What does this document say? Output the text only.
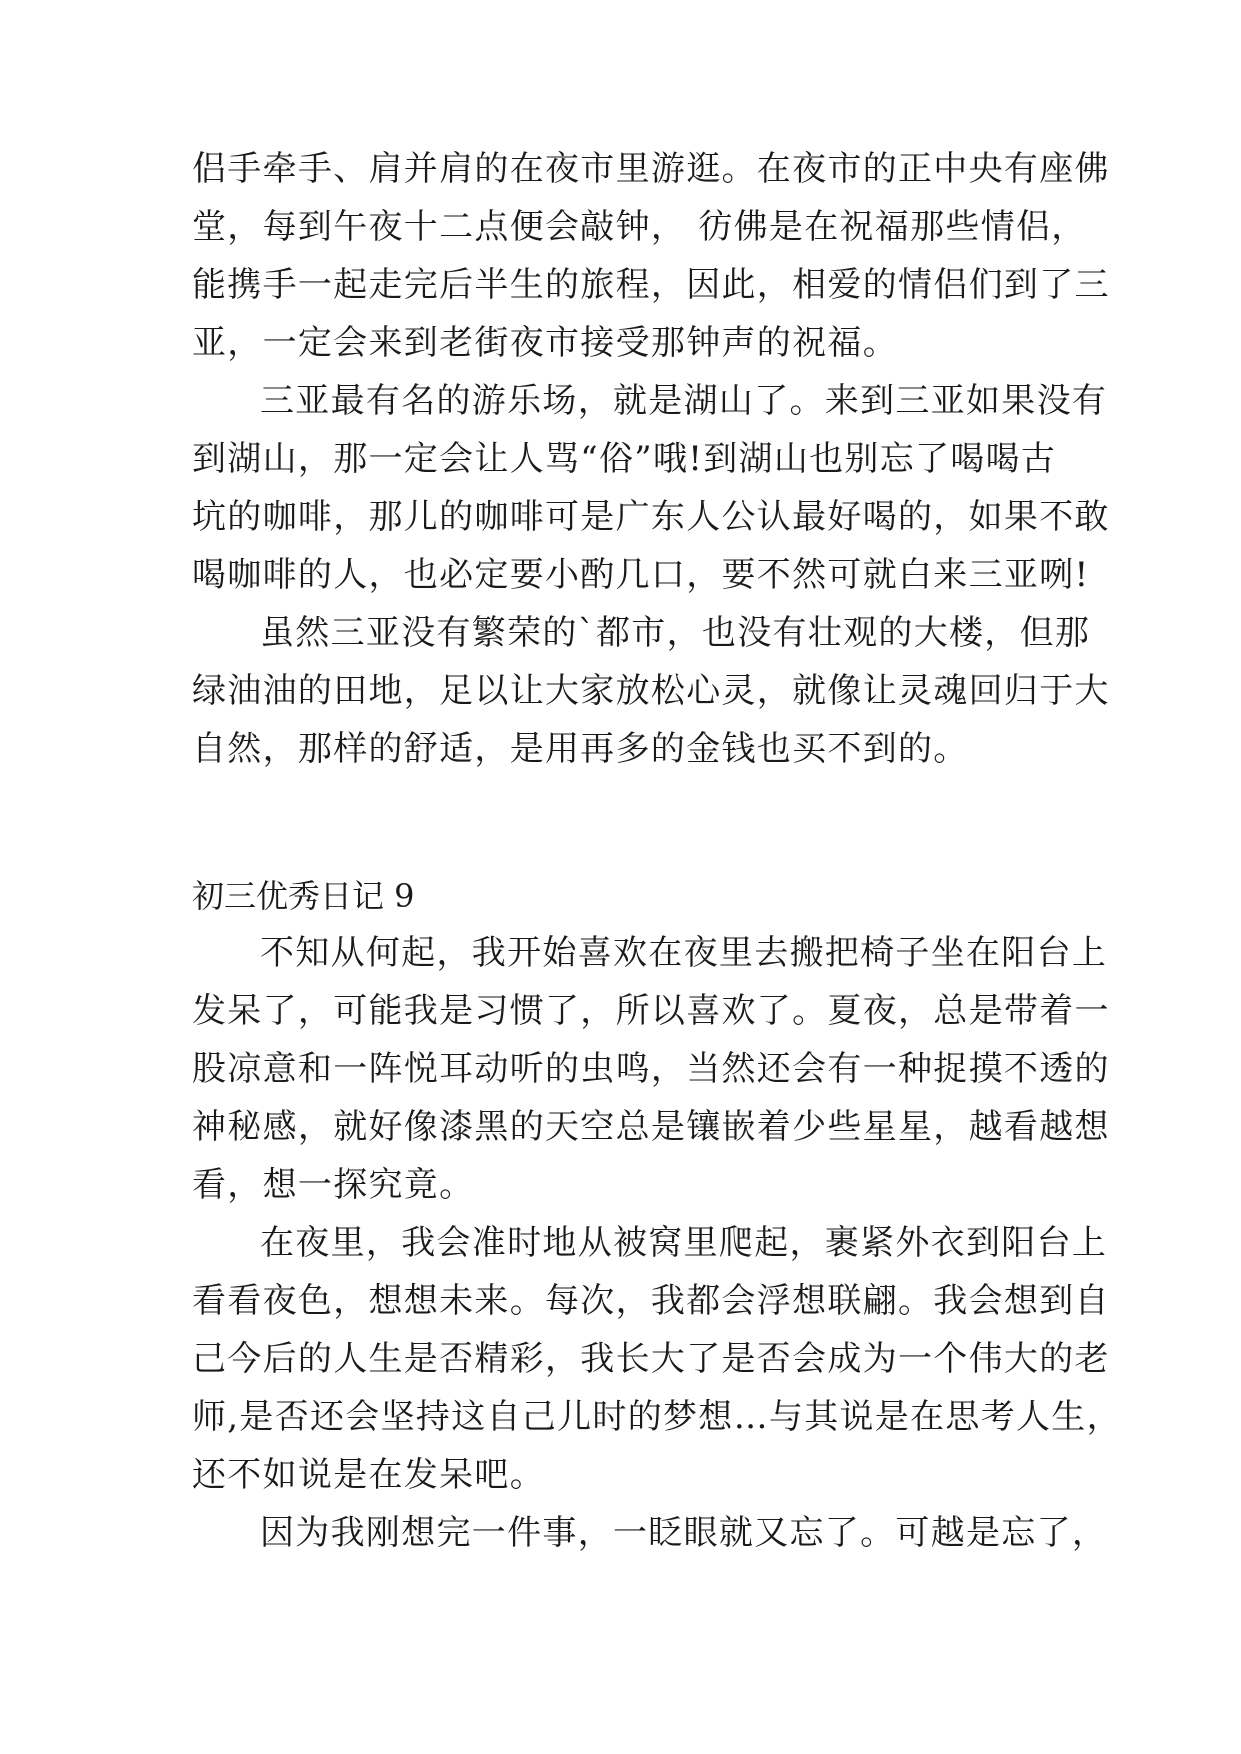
侣手牵手、肩并肩的在夜市里游逛。在夜市的正中央有座佛
堂，每到午夜十二点便会敲钟， 彷佛是在祝福那些情侣，
能携手一起走完后半生的旅程，因此，相爱的情侣们到了三
亚，一定会来到老街夜市接受那钟声的祝福。
三亚最有名的游乐场，就是湖山了。来到三亚如果没有
到湖山，那一定会让人骂“俗”哦!到湖山也别忘了喝喝古
坑的咖啡，那儿的咖啡可是广东人公认最好喝的，如果不敢
喝咖啡的人，也必定要小酌几口，要不然可就白来三亚咧!
虽然三亚没有繁荣的`都市，也没有壮观的大楼，但那
绿油油的田地，足以让大家放松心灵，就像让灵魂回归于大
自然，那样的舒适，是用再多的金钱也买不到的。
初三优秀日记 9
不知从何起，我开始喜欢在夜里去搬把椅子坐在阳台上
发呆了，可能我是习惯了，所以喜欢了。夏夜，总是带着一
股凉意和一阵悦耳动听的虫鸣，当然还会有一种捉摸不透的
神秘感，就好像漆黑的天空总是镶嵌着少些星星，越看越想
看，想一探究竟。
在夜里，我会准时地从被窝里爬起，裹紧外衣到阳台上
看看夜色，想想未来。每次，我都会浮想联翩。我会想到自
己今后的人生是否精彩，我长大了是否会成为一个伟大的老
师,是否还会坚持这自己儿时的梦想…与其说是在思考人生，
还不如说是在发呆吧。
因为我刚想完一件事，一眨眼就又忘了。可越是忘了，
